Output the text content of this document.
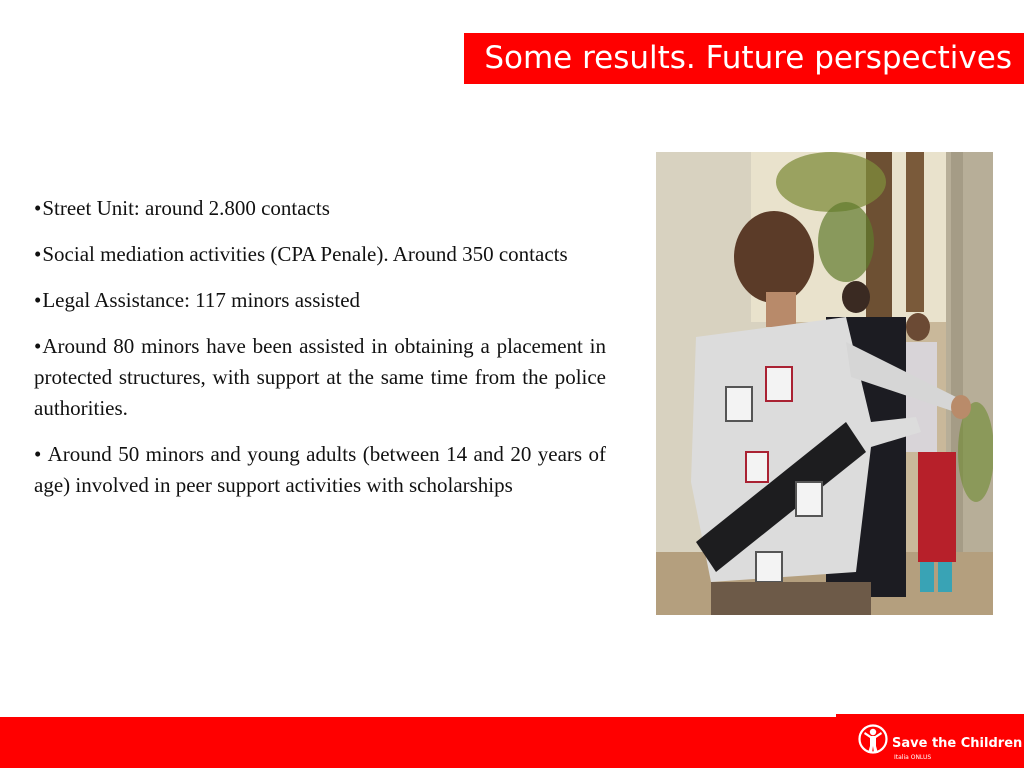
Some results. Future perspectives
•Street Unit: around 2.800 contacts
•Social mediation activities (CPA Penale). Around 350 contacts
•Legal Assistance: 117 minors assisted
•Around 80 minors have been assisted in obtaining a placement in protected structures, with support at the same time from the police authorities.
• Around 50 minors and young adults (between 14 and 20 years of age) involved in peer support activities with scholarships
Save the Children
Italia ONLUS
